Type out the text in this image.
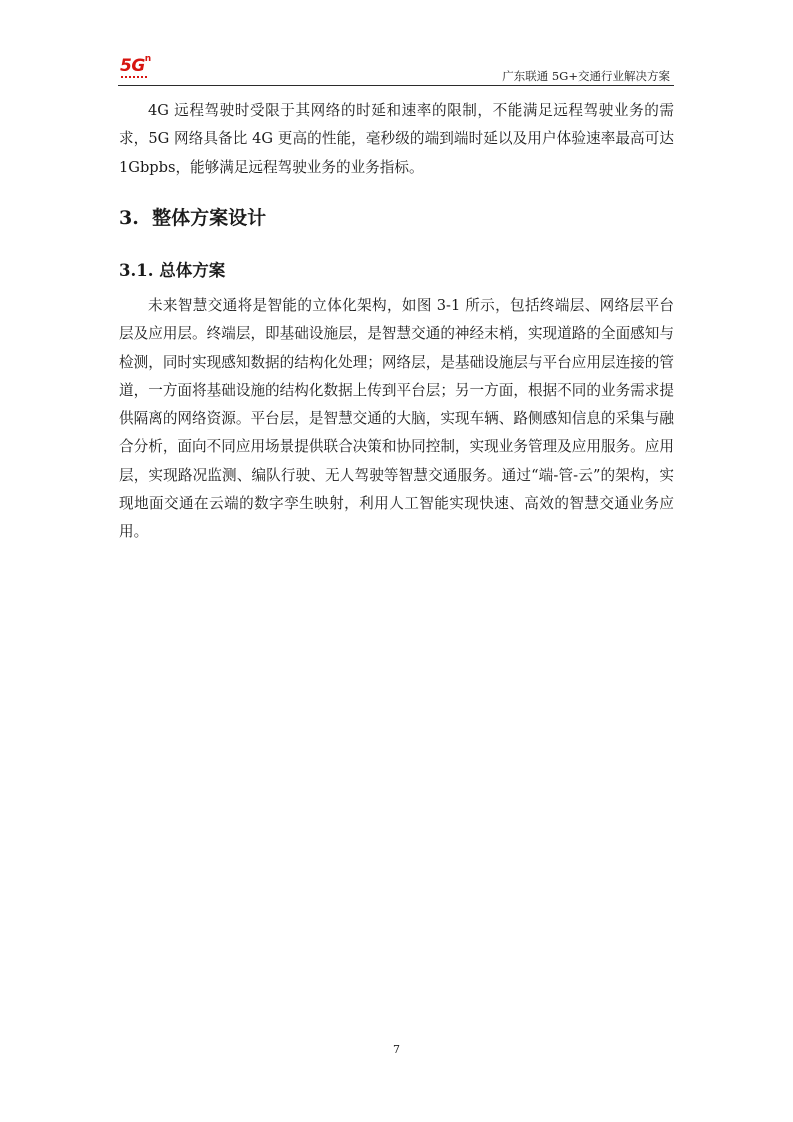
$5G^n$
广东联通 5G+交通行业解决方案

4G 远程驾驶时受限于其网络的时延和速率的限制，不能满足远程驾驶业务的需求，5G 网络具备比 4G 更高的性能，毫秒级的端到端时延以及用户体验速率最高可达 1Gbpbs，能够满足远程驾驶业务的业务指标。

3.  整体方案设计
3.1. 总体方案

未来智慧交通将是智能的立体化架构，如图 3-1 所示，包括终端层、网络层平台层及应用层。终端层，即基础设施层，是智慧交通的神经末梢，实现道路的全面感知与检测，同时实现感知数据的结构化处理；网络层，是基础设施层与平台应用层连接的管道，一方面将基础设施的结构化数据上传到平台层；另一方面，根据不同的业务需求提供隔离的网络资源。平台层，是智慧交通的大脑，实现车辆、路侧感知信息的采集与融合分析，面向不同应用场景提供联合决策和协同控制，实现业务管理及应用服务。应用层，实现路况监测、编队行驶、无人驾驶等智慧交通服务。通过“端-管-云”的架构，实现地面交通在云端的数字孪生映射，利用人工智能实现快速、高效的智慧交通业务应用。

7
